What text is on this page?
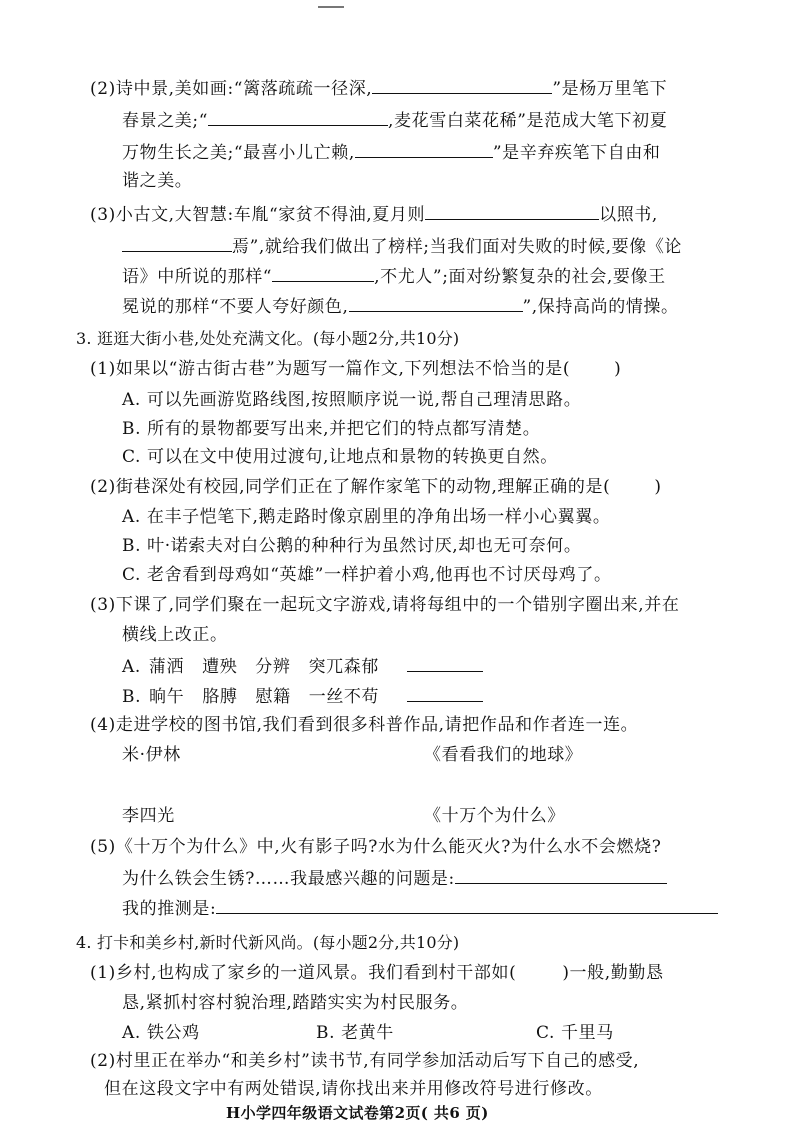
(2)诗中景,美如画:“篱落疏疏一径深,	”是杨万里笔下
春景之美;“	,麦花雪白菜花稀”是范成大笔下初夏
万物生长之美;“最喜小儿亡赖,	”是辛弃疾笔下自由和
谐之美。
(3)小古文,大智慧:车胤“家贫不得油,夏月则	以照书,
焉”,就给我们做出了榜样;当我们面对失败的时候,要像《论
语》中所说的那样“	,不尤人”;面对纷繁复杂的社会,要像王
冕说的那样“不要人夸好颜色,	”,保持高尚的情操。
3. 逛逛大街小巷,处处充满文化。(每小题2分,共10分)
(1)如果以“游古街古巷”为题写一篇作文,下列想法不恰当的是(	)
A. 可以先画游览路线图,按照顺序说一说,帮自己理清思路。
B. 所有的景物都要写出来,并把它们的特点都写清楚。
C. 可以在文中使用过渡句,让地点和景物的转换更自然。
(2)街巷深处有校园,同学们正在了解作家笔下的动物,理解正确的是(	)
A. 在丰子恺笔下,鹅走路时像京剧里的净角出场一样小心翼翼。
B. 叶·诺索夫对白公鹅的种种行为虽然讨厌,却也无可奈何。
C. 老舍看到母鸡如“英雄”一样护着小鸡,他再也不讨厌母鸡了。
(3)下课了,同学们聚在一起玩文字游戏,请将每组中的一个错别字圈出来,并在
横线上改正。
A. 蒲洒 遭殃 分辨 突兀森郁
B. 晌午 胳膊 慰籍 一丝不苟
(4)走进学校的图书馆,我们看到很多科普作品,请把作品和作者连一连。
米·伊林	《看看我们的地球》
李四光	《十万个为什么》
(5)《十万个为什么》中,火有影子吗?水为什么能灭火?为什么水不会燃烧?
为什么铁会生锈?……我最感兴趣的问题是:
我的推测是:
4. 打卡和美乡村,新时代新风尚。(每小题2分,共10分)
(1)乡村,也构成了家乡的一道风景。我们看到村干部如(	)一般,勤勤恳
恳,紧抓村容村貌治理,踏踏实实为村民服务。
A. 铁公鸡	B. 老黄牛	C. 千里马
(2)村里正在举办“和美乡村”读书节,有同学参加活动后写下自己的感受,
但在这段文字中有两处错误,请你找出来并用修改符号进行修改。
H小学四年级语文试卷第2页( 共6 页)
